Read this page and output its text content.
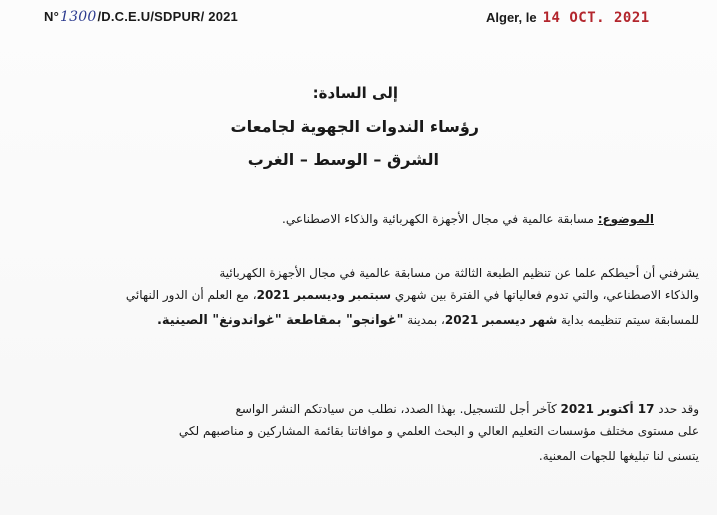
N°1300/D.C.E.U/SDPUR/ 2021	Alger, le 14 OCT. 2021
إلى السادة:
رؤساء الندوات الجهوية لجامعات
الشرق – الوسط – الغرب
الموضوع: مسابقة عالمية في مجال الأجهزة الكهربائية والذكاء الاصطناعي.
يشرفني أن أحيطكم علما عن تنظيم الطبعة الثالثة من مسابقة عالمية في مجال الأجهزة الكهربائية
والذكاء الاصطناعي، والتي تدوم فعالياتها في الفترة بين شهري سبتمبر وديسمبر 2021، مع العلم أن الدور النهائي
للمسابقة سيتم تنظيمه بداية شهر ديسمبر 2021، بمدينة "غوانجو" بمقاطعة "غواندونغ" الصينية.
وقد حدد 17 أكتوبر 2021 كآخر أجل للتسجيل. بهذا الصدد، نطلب من سيادتكم النشر الواسع
على مستوى مختلف مؤسسات التعليم العالي و البحث العلمي و موافاتنا بقائمة المشاركين و مناصبهم لكي
يتسنى لنا تبليغها للجهات المعنية.
